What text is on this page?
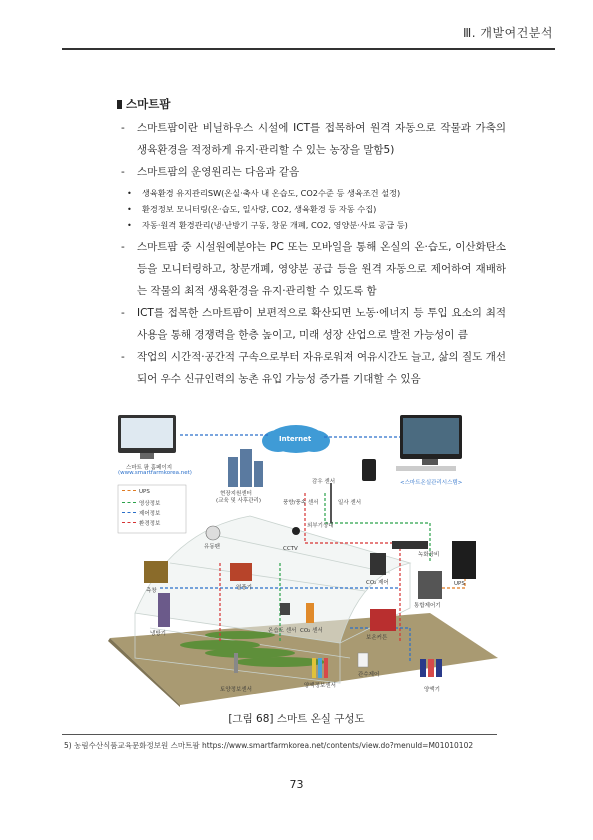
Ⅲ. 개발여건분석
스마트팜
- 스마트팜이란 비닐하우스 시설에 ICT를 접목하여 원격 자동으로 작물과 가축의 생육환경을 적정하게 유지·관리할 수 있는 농장을 말함5)
- 스마트팜의 운영원리는 다음과 같음
• 생육환경 유지관리SW(온실·축사 내 온습도, CO2수준 등 생육조건 설정)
• 환경정보 모니터링(온·습도, 일사량, CO2, 생육환경 등 자동 수집)
• 자동·원격 환경관리(냉·난방기 구동, 창문 개폐, CO2, 영양분·사료 공급 등)
- 스마트팜 중 시설원예분야는 PC 또는 모바일을 통해 온실의 온·습도, 이산화탄소 등을 모니터링하고, 창문개폐, 영양분 공급 등을 원격 자동으로 제어하여 재배하는 작물의 최적 생육환경을 유지·관리할 수 있도록 함
- ICT를 접목한 스마트팜이 보편적으로 확산되면 노동·에너지 등 투입 요소의 최적 사용을 통해 경쟁력을 한층 높이고, 미래 성장 산업으로 발전 가능성이 큼
- 작업의 시간적·공간적 구속으로부터 자유로워져 여유시간도 늘고, 삶의 질도 개선되어 우수 신규인력의 농촌 유입 가능성 증가를 기대할 수 있음
Internet
스마트 팜 홈페이지
(www.smartfarmkorea.net)
UPS
영상정보
제어정보
환경정보
현장지원센터
(교육 및 사후관리)
<스마트온실관리시스템>
풍향/풍속 센서
감우 센서
일사 센서
외부기상대
유동팬	CCTV
열풍기
측창
냉방기
녹화장비
UPS
CO₂ 제어
통합제어기
온습도 센서 CO₂ 센서
보온커튼
관수제어
토양정보센서
양액정보센서
양액기
[그림 68] 스마트 온실 구성도
5) 농림수산식품교육문화정보원 스마트팜 https://www.smartfarmkorea.net/contents/view.do?menuId=M01010102
73
